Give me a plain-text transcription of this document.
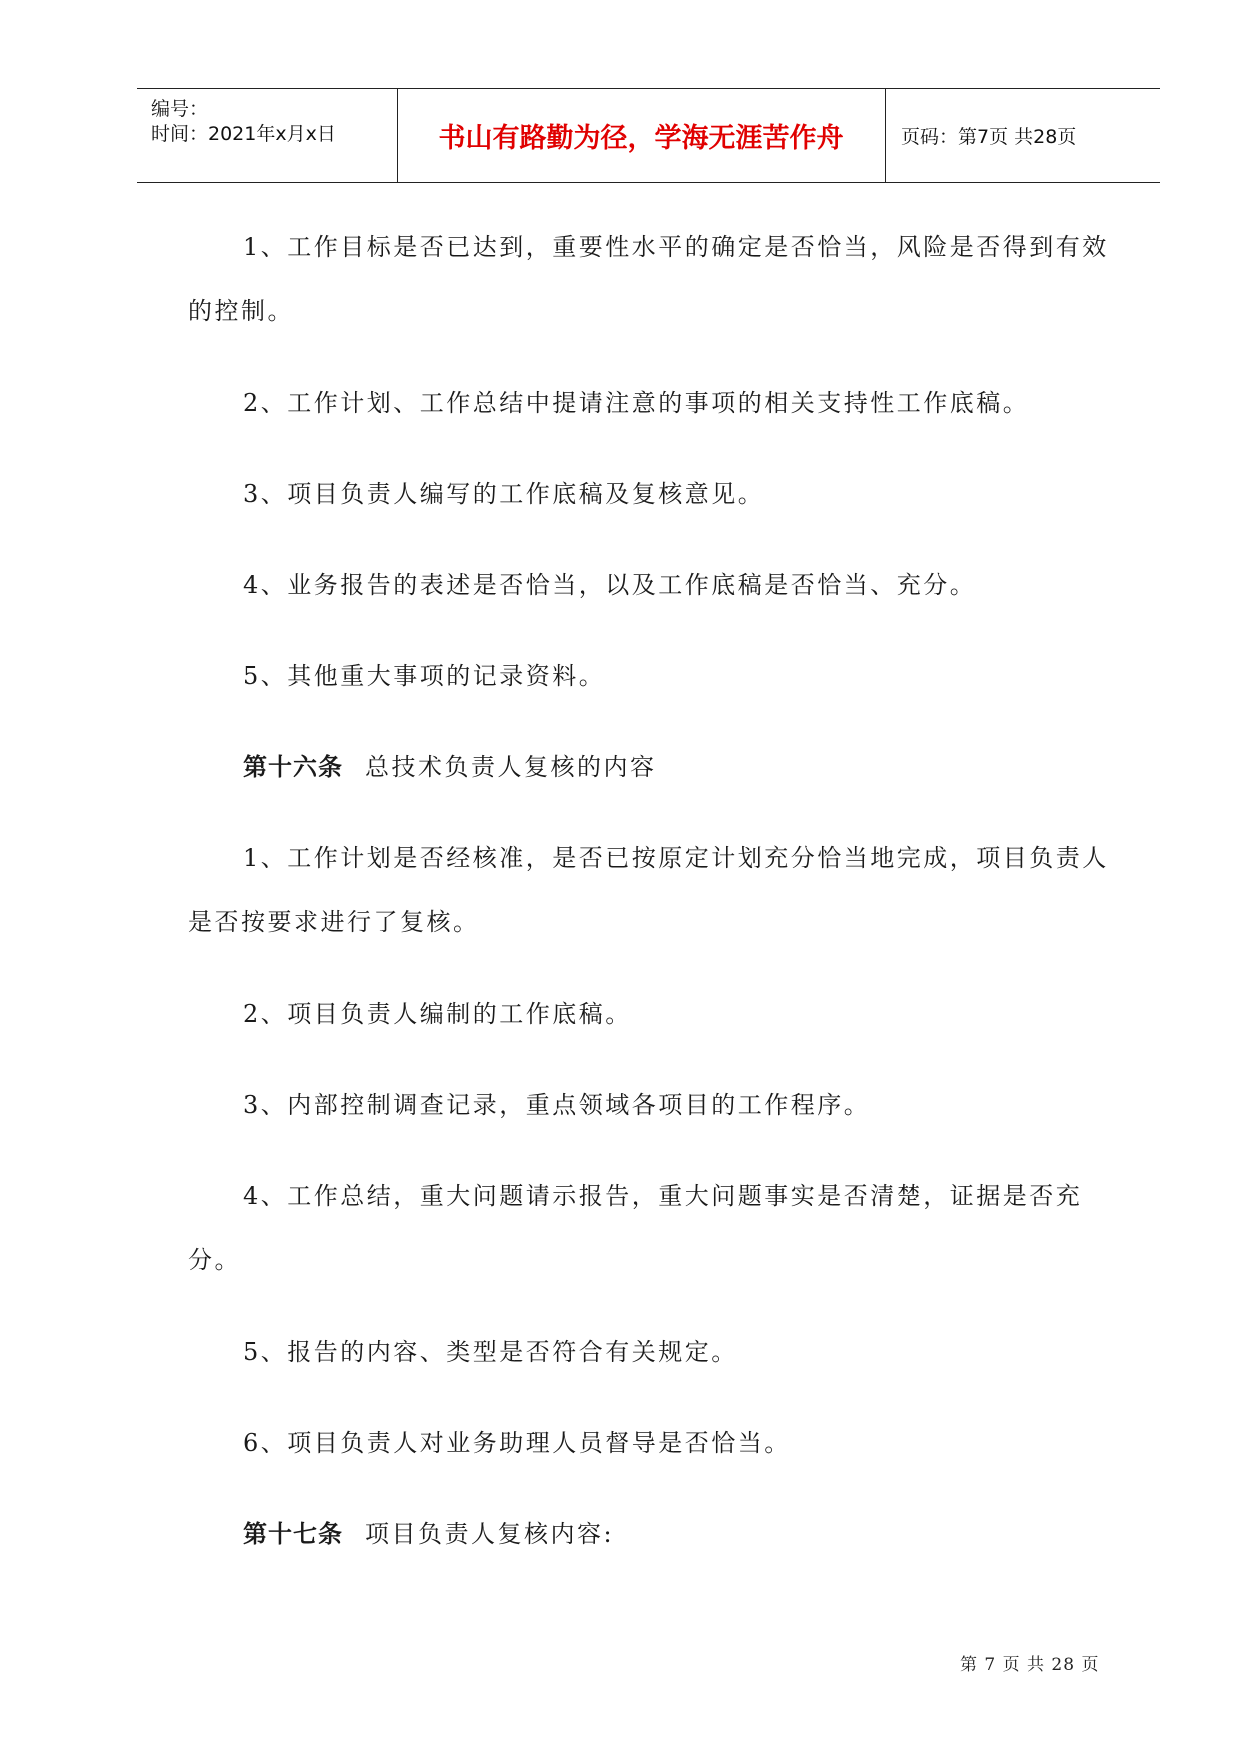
编号：
时间：2021年x月x日	书山有路勤为径，学海无涯苦作舟	页码：第7页 共28页
1、工作目标是否已达到，重要性水平的确定是否恰当，风险是否得到有效的控制。
2、工作计划、工作总结中提请注意的事项的相关支持性工作底稿。
3、项目负责人编写的工作底稿及复核意见。
4、业务报告的表述是否恰当，以及工作底稿是否恰当、充分。
5、其他重大事项的记录资料。
第十六条 总技术负责人复核的内容
1、工作计划是否经核准，是否已按原定计划充分恰当地完成，项目负责人是否按要求进行了复核。
2、项目负责人编制的工作底稿。
3、内部控制调查记录，重点领域各项目的工作程序。
4、工作总结，重大问题请示报告，重大问题事实是否清楚，证据是否充分。
5、报告的内容、类型是否符合有关规定。
6、项目负责人对业务助理人员督导是否恰当。
第十七条 项目负责人复核内容:
第 7 页 共 28 页
